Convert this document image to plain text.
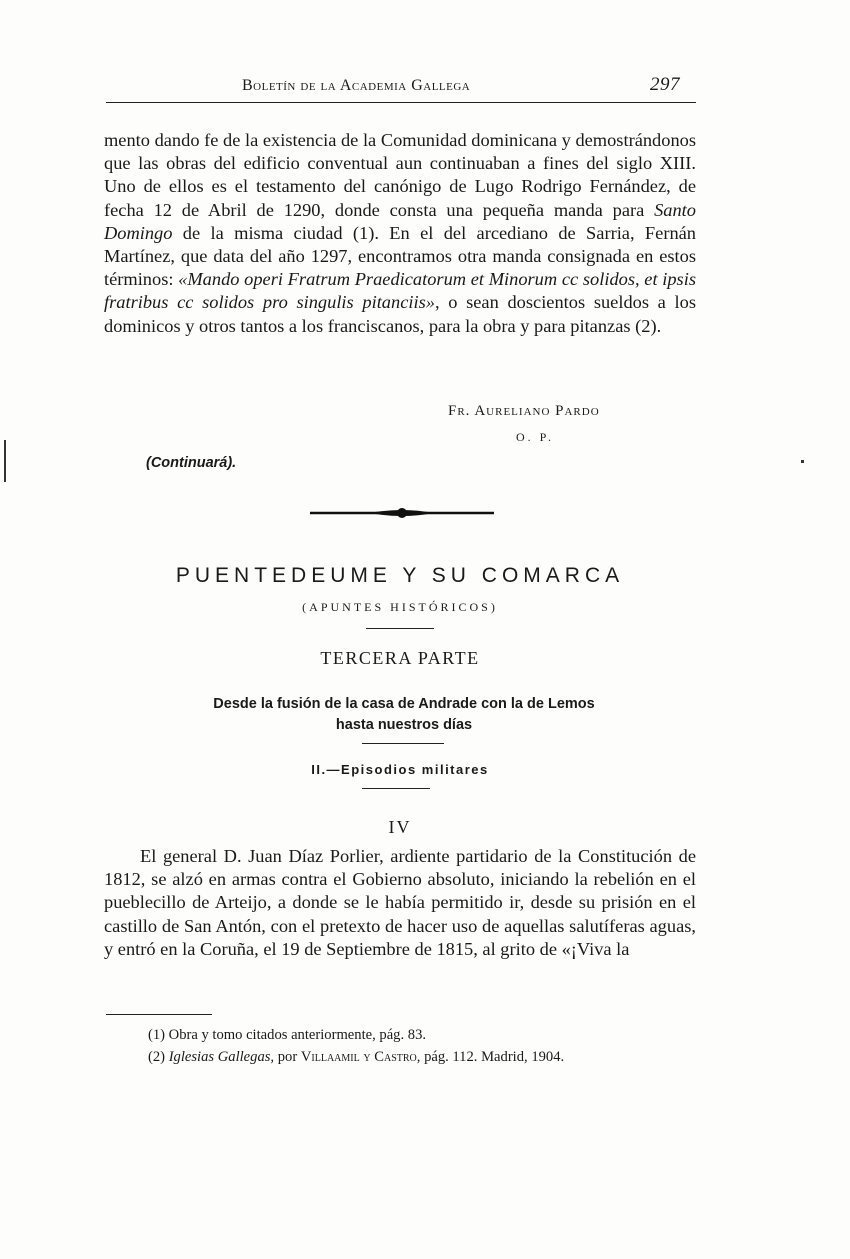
Boletín de la Academia Gallega	297
mento dando fe de la existencia de la Comunidad dominicana y demostrándonos que las obras del edificio conventual aun continuaban a fines del siglo XIII. Uno de ellos es el testamento del canónigo de Lugo Rodrigo Fernández, de fecha 12 de Abril de 1290, donde consta una pequeña manda para Santo Domingo de la misma ciudad (1). En el del arcediano de Sarria, Fernán Martínez, que data del año 1297, encontramos otra manda consignada en estos términos: «Mando operi Fratrum Praedicatorum et Minorum cc solidos, et ipsis fratribus cc solidos pro singulis pitanciis», o sean doscientos sueldos a los dominicos y otros tantos a los franciscanos, para la obra y para pitanzas (2).
Fr. Aureliano Pardo
O. P.
(Continuará).
PUENTEDEUME Y SU COMARCA
(APUNTES HISTÓRICOS)
TERCERA PARTE
Desde la fusión de la casa de Andrade con la de Lemos
hasta nuestros días
II.—Episodios militares
IV
El general D. Juan Díaz Porlier, ardiente partidario de la Constitución de 1812, se alzó en armas contra el Gobierno absoluto, iniciando la rebelión en el pueblecillo de Arteijo, a donde se le había permitido ir, desde su prisión en el castillo de San Antón, con el pretexto de hacer uso de aquellas salutíferas aguas, y entró en la Coruña, el 19 de Septiembre de 1815, al grito de «¡Viva la
(1) Obra y tomo citados anteriormente, pág. 83.
(2) Iglesias Gallegas, por Villaamil y Castro, pág. 112. Madrid, 1904.
